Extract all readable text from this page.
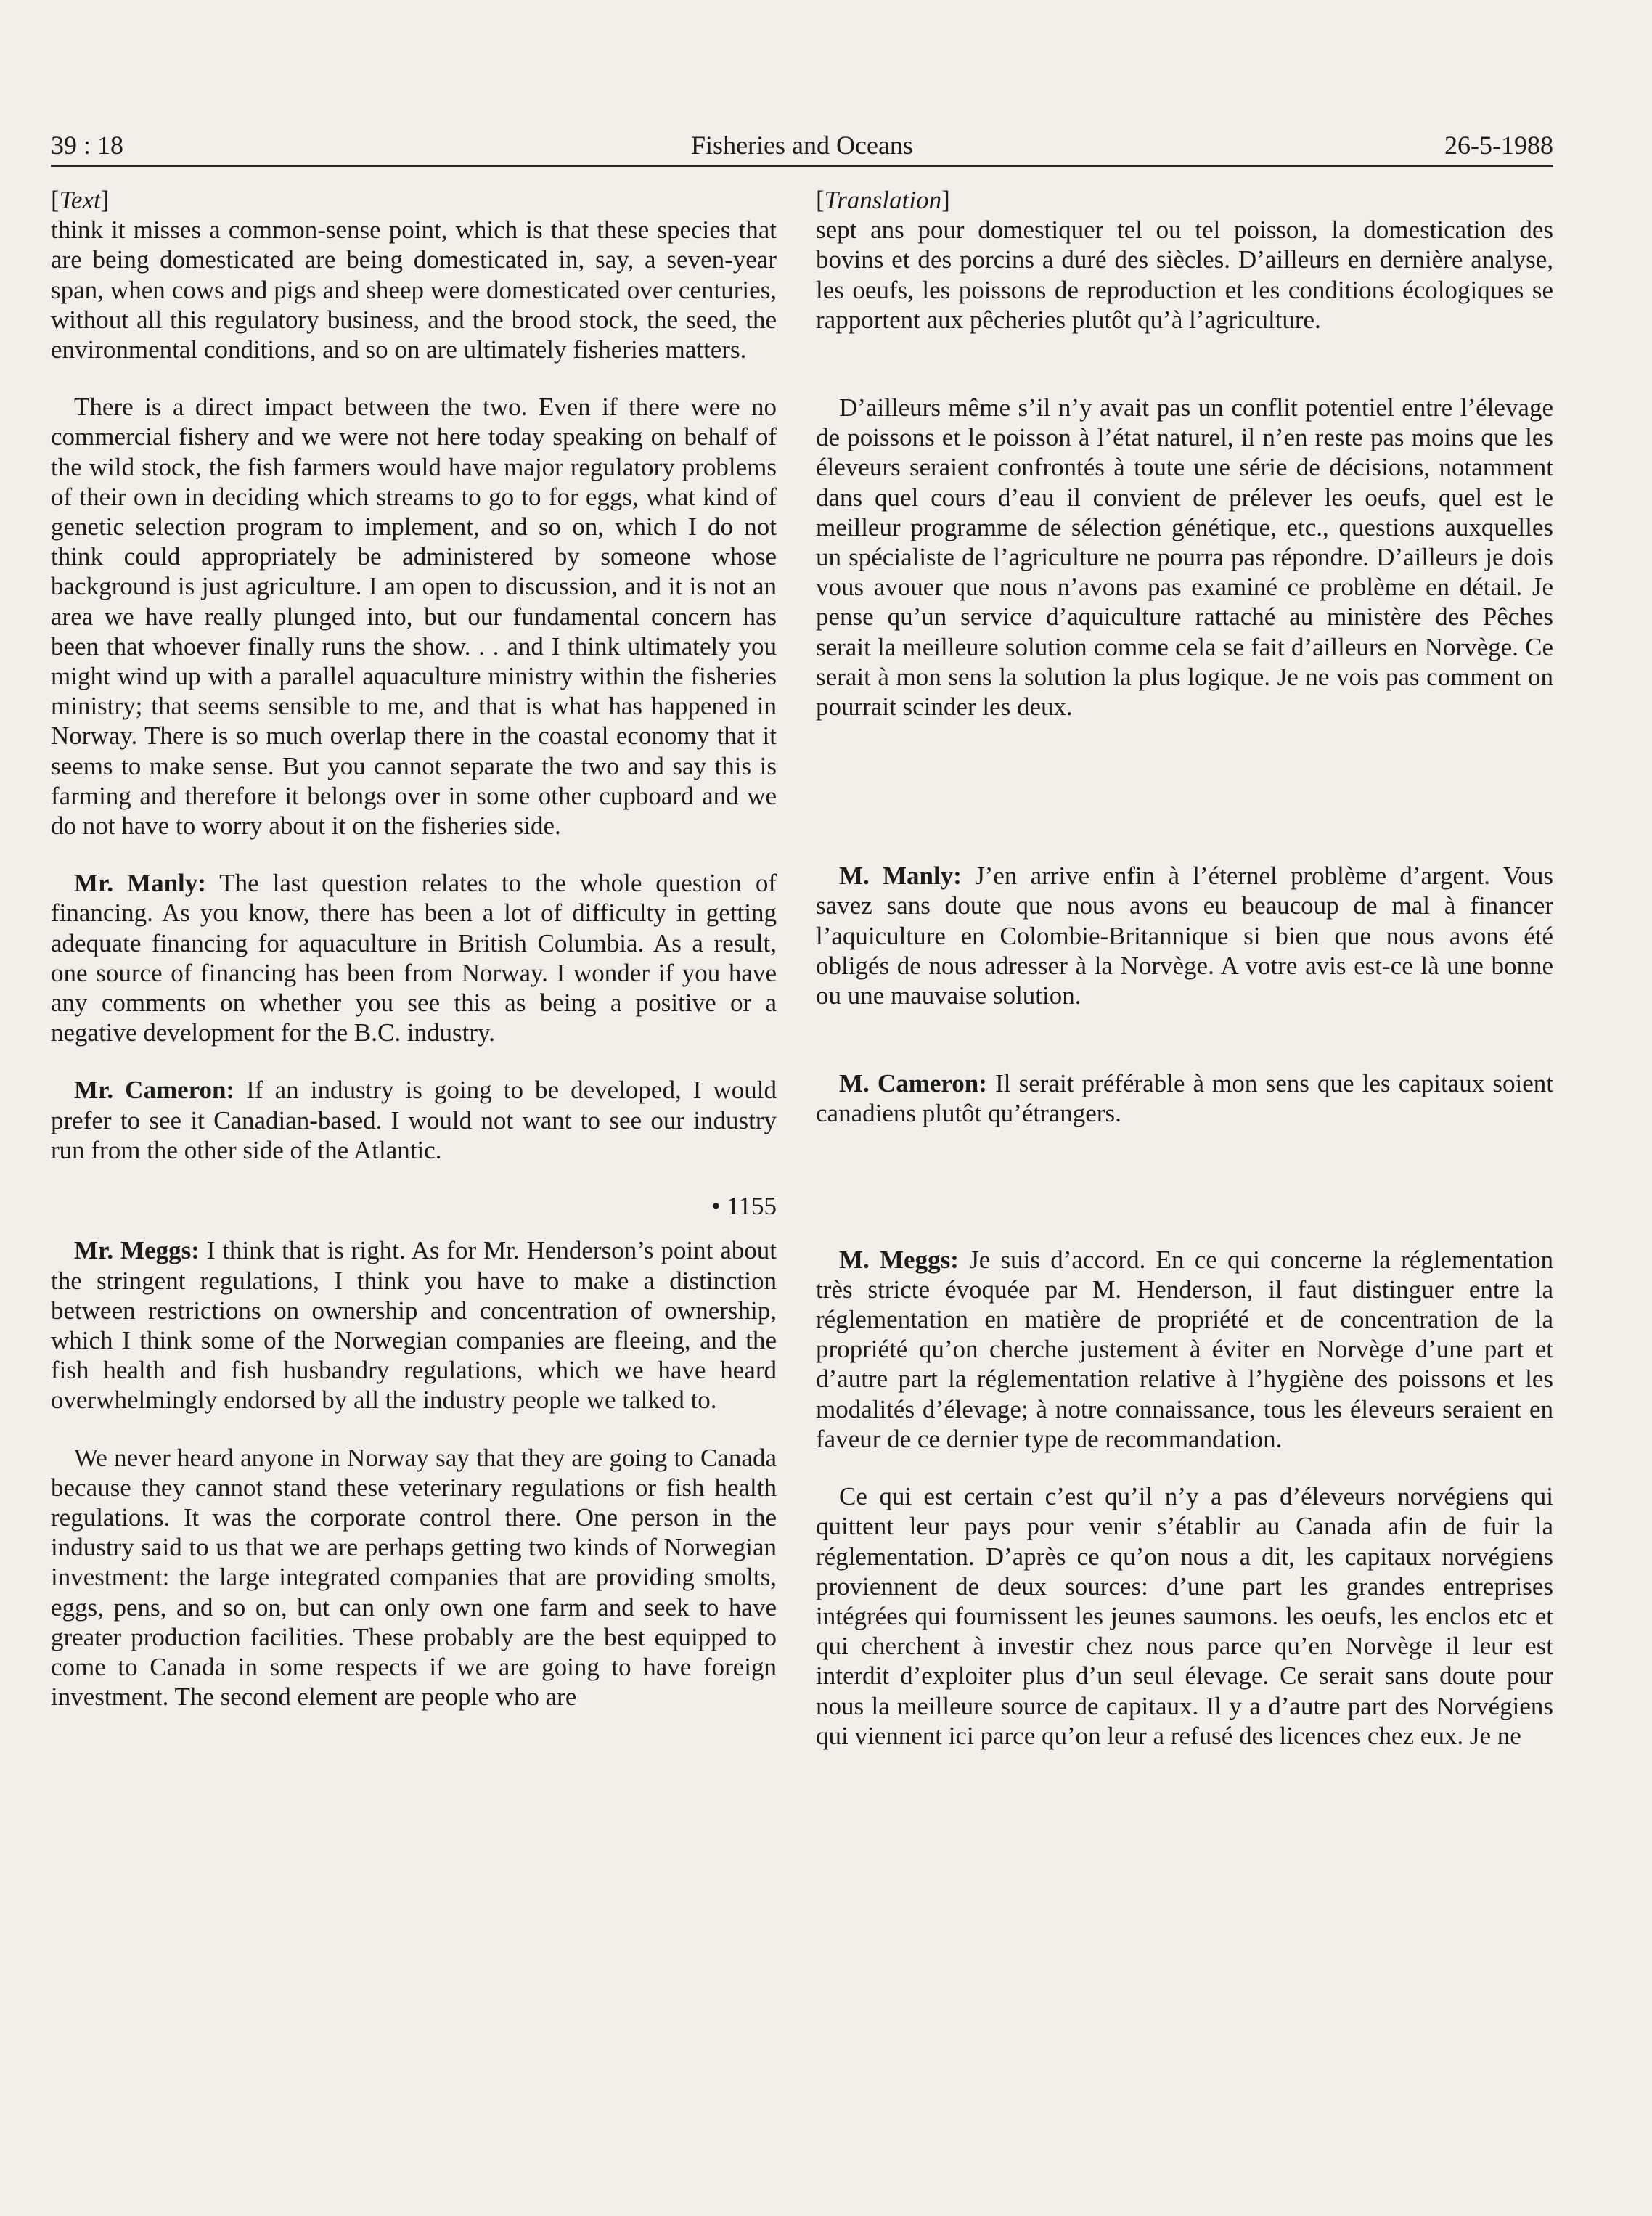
39 : 18	Fisheries and Oceans	26-5-1988
[Text]

think it misses a common-sense point, which is that these species that are being domesticated are being domesticated in, say, a seven-year span, when cows and pigs and sheep were domesticated over centuries, without all this regulatory business, and the brood stock, the seed, the environmental conditions, and so on are ultimately fisheries matters.

There is a direct impact between the two. Even if there were no commercial fishery and we were not here today speaking on behalf of the wild stock, the fish farmers would have major regulatory problems of their own in deciding which streams to go to for eggs, what kind of genetic selection program to implement, and so on, which I do not think could appropriately be administered by someone whose background is just agriculture. I am open to discussion, and it is not an area we have really plunged into, but our fundamental concern has been that whoever finally runs the show. . . and I think ultimately you might wind up with a parallel aquaculture ministry within the fisheries ministry; that seems sensible to me, and that is what has happened in Norway. There is so much overlap there in the coastal economy that it seems to make sense. But you cannot separate the two and say this is farming and therefore it belongs over in some other cupboard and we do not have to worry about it on the fisheries side.

Mr. Manly: The last question relates to the whole question of financing. As you know, there has been a lot of difficulty in getting adequate financing for aquaculture in British Columbia. As a result, one source of financing has been from Norway. I wonder if you have any comments on whether you see this as being a positive or a negative development for the B.C. industry.

Mr. Cameron: If an industry is going to be developed, I would prefer to see it Canadian-based. I would not want to see our industry run from the other side of the Atlantic.

• 1155

Mr. Meggs: I think that is right. As for Mr. Henderson’s point about the stringent regulations, I think you have to make a distinction between restrictions on ownership and concentration of ownership, which I think some of the Norwegian companies are fleeing, and the fish health and fish husbandry regulations, which we have heard overwhelmingly endorsed by all the industry people we talked to.

We never heard anyone in Norway say that they are going to Canada because they cannot stand these veterinary regulations or fish health regulations. It was the corporate control there. One person in the industry said to us that we are perhaps getting two kinds of Norwegian investment: the large integrated companies that are providing smolts, eggs, pens, and so on, but can only own one farm and seek to have greater production facilities. These probably are the best equipped to come to Canada in some respects if we are going to have foreign investment. The second element are people who are

[Translation]

sept ans pour domestiquer tel ou tel poisson, la domestication des bovins et des porcins a duré des siècles. D’ailleurs en dernière analyse, les oeufs, les poissons de reproduction et les conditions écologiques se rapportent aux pêcheries plutôt qu’à l’agriculture.

D’ailleurs même s’il n’y avait pas un conflit potentiel entre l’élevage de poissons et le poisson à l’état naturel, il n’en reste pas moins que les éleveurs seraient confrontés à toute une série de décisions, notamment dans quel cours d’eau il convient de prélever les oeufs, quel est le meilleur programme de sélection génétique, etc., questions auxquelles un spécialiste de l’agriculture ne pourra pas répondre. D’ailleurs je dois vous avouer que nous n’avons pas examiné ce problème en détail. Je pense qu’un service d’aquiculture rattaché au ministère des Pêches serait la meilleure solution comme cela se fait d’ailleurs en Norvège. Ce serait à mon sens la solution la plus logique. Je ne vois pas comment on pourrait scinder les deux.

M. Manly: J’en arrive enfin à l’éternel problème d’argent. Vous savez sans doute que nous avons eu beaucoup de mal à financer l’aquiculture en Colombie-Britannique si bien que nous avons été obligés de nous adresser à la Norvège. A votre avis est-ce là une bonne ou une mauvaise solution.

M. Cameron: Il serait préférable à mon sens que les capitaux soient canadiens plutôt qu’étrangers.

M. Meggs: Je suis d’accord. En ce qui concerne la réglementation très stricte évoquée par M. Henderson, il faut distinguer entre la réglementation en matière de propriété et de concentration de la propriété qu’on cherche justement à éviter en Norvège d’une part et d’autre part la réglementation relative à l’hygiène des poissons et les modalités d’élevage; à notre connaissance, tous les éleveurs seraient en faveur de ce dernier type de recommandation.

Ce qui est certain c’est qu’il n’y a pas d’éleveurs norvégiens qui quittent leur pays pour venir s’établir au Canada afin de fuir la réglementation. D’après ce qu’on nous a dit, les capitaux norvégiens proviennent de deux sources: d’une part les grandes entreprises intégrées qui fournissent les jeunes saumons. les oeufs, les enclos etc et qui cherchent à investir chez nous parce qu’en Norvège il leur est interdit d’exploiter plus d’un seul élevage. Ce serait sans doute pour nous la meilleure source de capitaux. Il y a d’autre part des Norvégiens qui viennent ici parce qu’on leur a refusé des licences chez eux. Je ne
